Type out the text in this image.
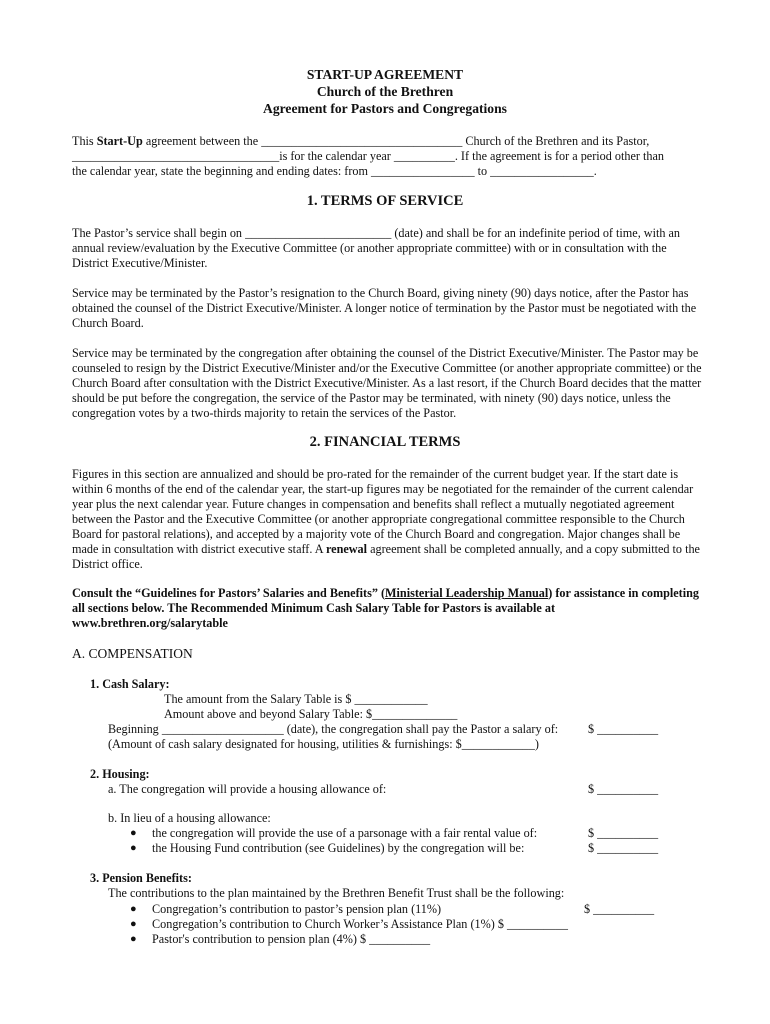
START-UP AGREEMENT
Church of the Brethren
Agreement for Pastors and Congregations
This Start-Up agreement between the _________________________________ Church of the Brethren and its Pastor,
__________________________________is for the calendar year __________. If the agreement is for a period other than
the calendar year, state the beginning and ending dates: from _________________ to _________________.
1. TERMS OF SERVICE
The Pastor’s service shall begin on ________________________ (date) and shall be for an indefinite period of time, with an annual review/evaluation by the Executive Committee (or another appropriate committee) with or in consultation with the District Executive/Minister.
Service may be terminated by the Pastor’s resignation to the Church Board, giving ninety (90) days notice, after the Pastor has obtained the counsel of the District Executive/Minister. A longer notice of termination by the Pastor must be negotiated with the Church Board.
Service may be terminated by the congregation after obtaining the counsel of the District Executive/Minister. The Pastor may be counseled to resign by the District Executive/Minister and/or the Executive Committee (or another appropriate committee) or the Church Board after consultation with the District Executive/Minister. As a last resort, if the Church Board decides that the matter should be put before the congregation, the service of the Pastor may be terminated, with ninety (90) days notice, unless the congregation votes by a two-thirds majority to retain the services of the Pastor.
2. FINANCIAL TERMS
Figures in this section are annualized and should be pro-rated for the remainder of the current budget year. If the start date is within 6 months of the end of the calendar year, the start-up figures may be negotiated for the remainder of the current calendar year plus the next calendar year. Future changes in compensation and benefits shall reflect a mutually negotiated agreement between the Pastor and the Executive Committee (or another appropriate congregational committee responsible to the Church Board for pastoral relations), and accepted by a majority vote of the Church Board and congregation. Major changes shall be made in consultation with district executive staff. A renewal agreement shall be completed annually, and a copy submitted to the District office.
Consult the “Guidelines for Pastors’ Salaries and Benefits” (Ministerial Leadership Manual) for assistance in completing all sections below. The Recommended Minimum Cash Salary Table for Pastors is available at www.brethren.org/salarytable
A. COMPENSATION
1. Cash Salary:
The amount from the Salary Table is $ ____________
Amount above and beyond Salary Table: $______________
Beginning ____________________ (date), the congregation shall pay the Pastor a salary of: $ __________
(Amount of cash salary designated for housing, utilities & furnishings: $____________)
2. Housing:
a. The congregation will provide a housing allowance of:	$ __________
b. In lieu of a housing allowance:
● the congregation will provide the use of a parsonage with a fair rental value of:	$ __________
● the Housing Fund contribution (see Guidelines) by the congregation will be:	$ __________
3. Pension Benefits:
The contributions to the plan maintained by the Brethren Benefit Trust shall be the following:
● Congregation’s contribution to pastor’s pension plan (11%)	$ __________
● Congregation’s contribution to Church Worker’s Assistance Plan (1%) $ __________
● Pastor's contribution to pension plan (4%) $ __________
